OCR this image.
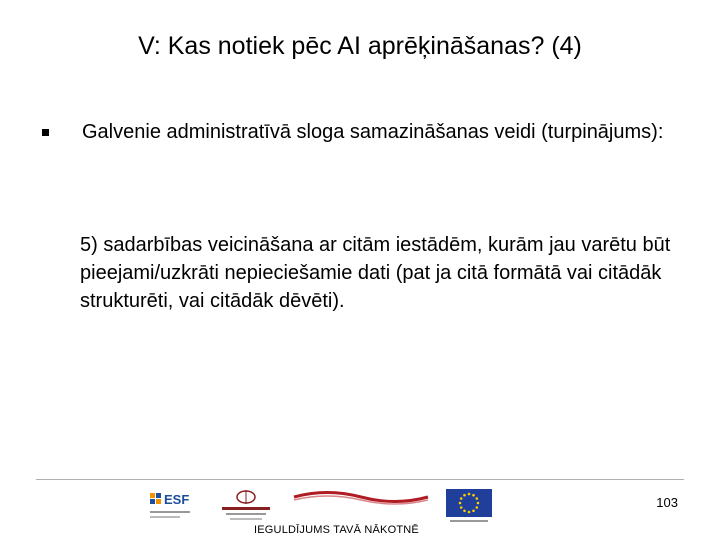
V: Kas notiek pēc AI aprēķināšanas? (4)
Galvenie administratīvā sloga samazināšanas veidi (turpinājums):
5) sadarbības veicināšana ar citām iestādēm, kurām jau varētu būt pieejami/uzkrāti nepieciešamie dati (pat ja citā formātā vai citādāk strukturēti, vai citādāk dēvēti).
103
ESF
IEGULDĪJUMS TAVĀ NĀKOTNĒ
